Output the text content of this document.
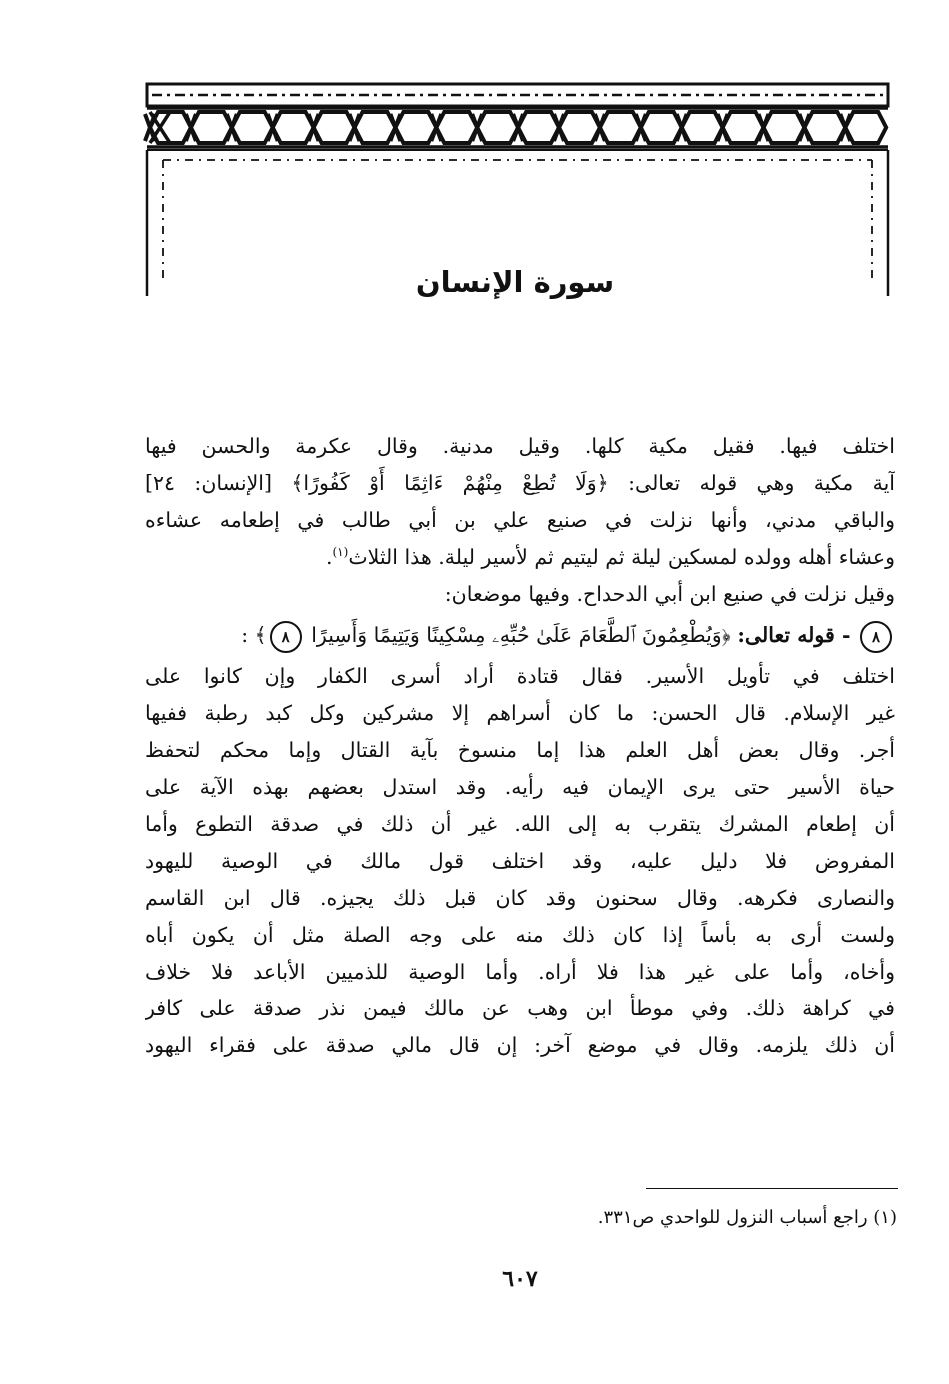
سورة الإنسان
اختلف فيها. فقيل مكية كلها. وقيل مدنية. وقال عكرمة والحسن فيها
آية مكية وهي قوله تعالى: ﴿وَلَا تُطِعْ مِنْهُمْ ءَاثِمًا أَوْ كَفُورًا﴾ [الإنسان: ٢٤]
والباقي مدني، وأنها نزلت في صنيع علي بن أبي طالب في إطعامه عشاءه
وعشاء أهله وولده لمسكين ليلة ثم ليتيم ثم لأسير ليلة. هذا الثلاث$^{(١)}$.
وقيل نزلت في صنيع ابن أبي الدحداح. وفيها موضعان:
٨ - قوله تعالى: ﴿وَيُطْعِمُونَ ٱلطَّعَامَ عَلَىٰ حُبِّهِۦ مِسْكِينًا وَيَتِيمًا وَأَسِيرًا ٨﴾ :
اختلف في تأويل الأسير. فقال قتادة أراد أسرى الكفار وإن كانوا على
غير الإسلام. قال الحسن: ما كان أسراهم إلا مشركين وكل كبد رطبة ففيها
أجر. وقال بعض أهل العلم هذا إما منسوخ بآية القتال وإما محكم لتحفظ
حياة الأسير حتى يرى الإيمان فيه رأيه. وقد استدل بعضهم بهذه الآية على
أن إطعام المشرك يتقرب به إلى الله. غير أن ذلك في صدقة التطوع وأما
المفروض فلا دليل عليه، وقد اختلف قول مالك في الوصية لليهود
والنصارى فكرهه. وقال سحنون وقد كان قبل ذلك يجيزه. قال ابن القاسم
ولست أرى به بأساً إذا كان ذلك منه على وجه الصلة مثل أن يكون أباه
وأخاه، وأما على غير هذا فلا أراه. وأما الوصية للذميين الأباعد فلا خلاف
في كراهة ذلك. وفي موطأ ابن وهب عن مالك فيمن نذر صدقة على كافر
أن ذلك يلزمه. وقال في موضع آخر: إن قال مالي صدقة على فقراء اليهود
(١) راجع أسباب النزول للواحدي ص٣٣١.
٦٠٧
